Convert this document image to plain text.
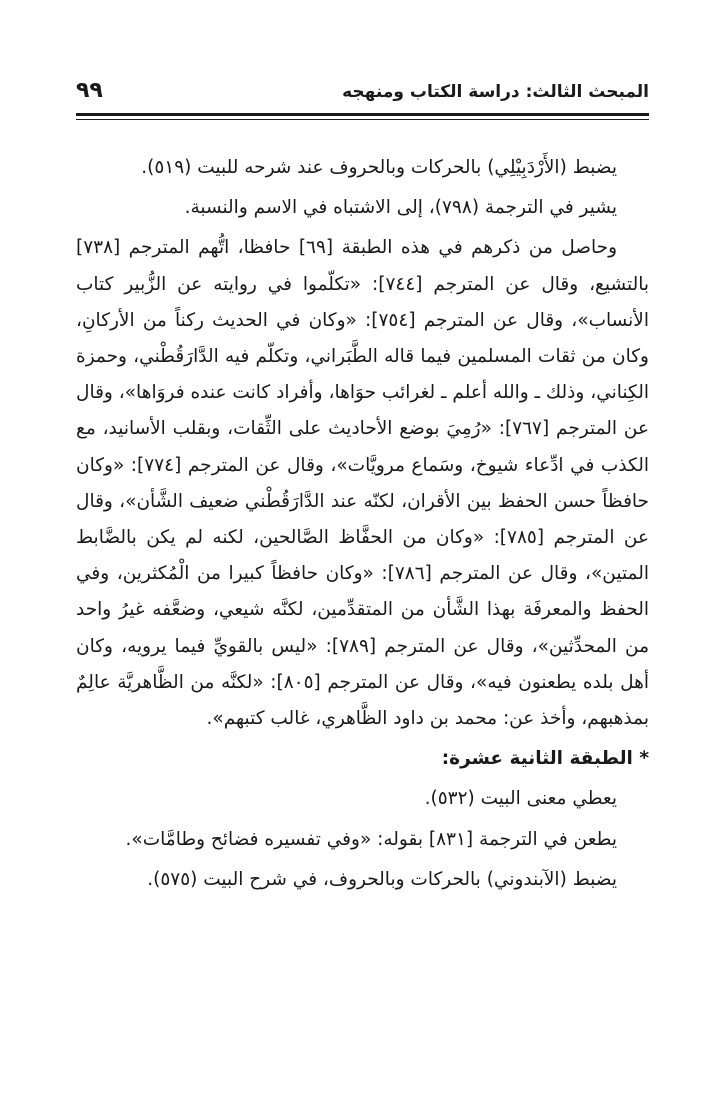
المبحث الثالث: دراسة الكتاب ومنهجه
٩٩

يضبط (الأَرْدَبِيْلِي) بالحركات وبالحروف عند شرحه للبيت (٥١٩).

يشير في الترجمة (٧٩٨)، إلى الاشتباه في الاسم والنسبة.

وحاصل من ذكرهم في هذه الطبقة [٦٩] حافظا، اتُّهم المترجم [٧٣٨] بالتشيع، وقال عن المترجم [٧٤٤]: «تكلّموا في روايته عن الزُّبير كتاب الأنساب»، وقال عن المترجم [٧٥٤]: «وكان في الحديث ركناً من الأركانِ، وكان من ثقات المسلمين فيما قاله الطَّبَراني، وتكلّم فيه الدَّارَقُطْني، وحمزة الكِناني، وذلك ـ والله أعلم ـ لغرائب حوَاها، وأفراد كانت عنده فروَاها»، وقال عن المترجم [٧٦٧]: «رُمِيَ بوضع الأحاديث على الثِّقات، وبقلب الأسانيد، مع الكذب في ادِّعاء شيوخ، وسَماع مرويَّات»، وقال عن المترجم [٧٧٤]: «وكان حافظاً حسن الحفظ بين الأقران، لكنّه عند الدَّارَقُطْني ضعيف الشَّأن»، وقال عن المترجم [٧٨٥]: «وكان من الحفَّاظ الصَّالحين، لكنه لم يكن بالضَّابط المتين»، وقال عن المترجم [٧٨٦]: «وكان حافظاً كبيرا من الْمُكثرين، وفي الحفظ والمعرفَة بهذا الشَّأن من المتقدِّمين، لكنَّه شيعي، وضعَّفه غيرُ واحد من المحدِّثين»، وقال عن المترجم [٧٨٩]: «ليس بالقويِّ فيما يرويه، وكان أهل بلده يطعنون فيه»، وقال عن المترجم [٨٠٥]: «لكنَّه من الظَّاهريَّة عالِمٌ بمذهبهم، وأخذ عن: محمد بن داود الظَّاهري، غالب كتبهم».

* الطبقة الثانية عشرة:

يعطي معنى البيت (٥٣٢).

يطعن في الترجمة [٨٣١] بقوله: «وفي تفسيره فضائح وطامَّات».

يضبط (الآبندوني) بالحركات وبالحروف، في شرح البيت (٥٧٥).
